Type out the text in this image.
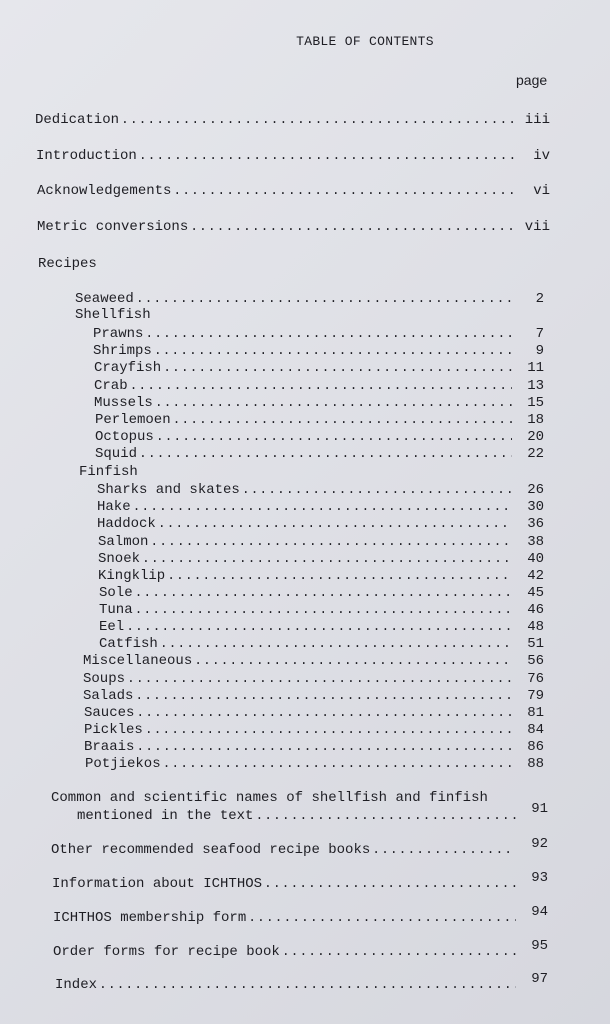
TABLE OF CONTENTS
page
Dedication .....	iii
Introduction .....	iv
Acknowledgements .....	vi
Metric conversions .....	vii
Recipes
Seaweed .....	2
Shellfish
Prawns .....	7
Shrimps .....	9
Crayfish .....	11
Crab .....	13
Mussels .....	15
Perlemoen .....	18
Octopus .....	20
Squid .....	22
Finfish
Sharks and skates .....	26
Hake .....	30
Haddock .....	36
Salmon .....	38
Snoek .....	40
Kingklip .....	42
Sole .....	45
Tuna .....	46
Eel .....	48
Catfish .....	51
Miscellaneous .....	56
Soups .....	76
Salads .....	79
Sauces .....	81
Pickles .....	84
Braais .....	86
Potjiekos .....	88
Common and scientific names of shellfish and finfish
mentioned in the text .....	91
Other recommended seafood recipe books .....	92
Information about ICHTHOS .....	93
ICHTHOS membership form .....	94
Order forms for recipe book .....	95
Index .....	97
